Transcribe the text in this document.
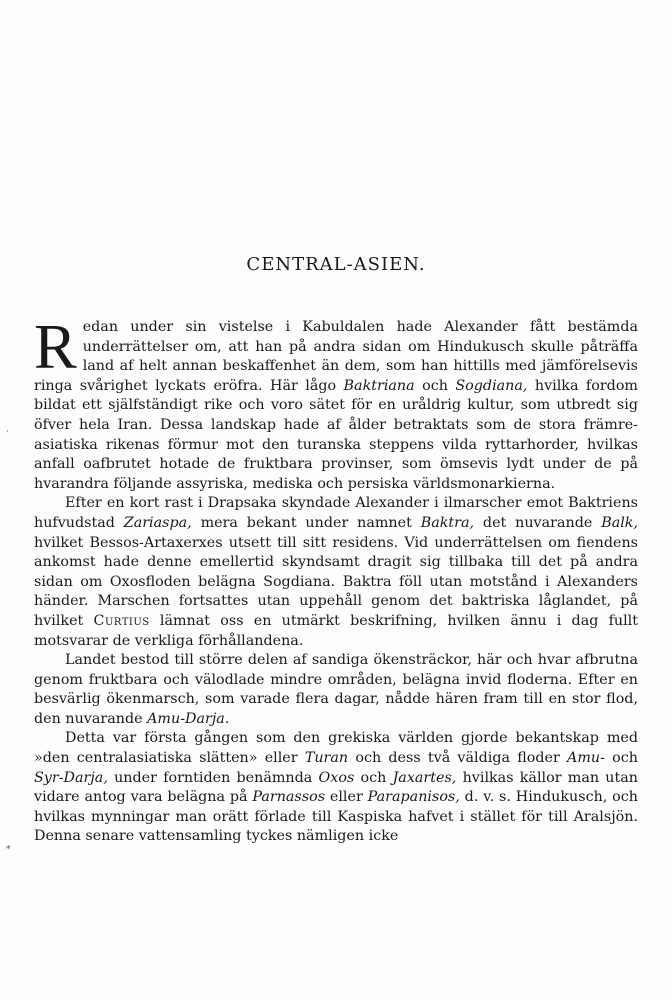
CENTRAL-ASIEN.

Redan under sin vistelse i Kabuldalen hade Alexander fått bestämda underrättelser om, att han på andra sidan om Hindukusch skulle påträffa land af helt annan beskaffenhet än dem, som han hittills med jämförelsevis ringa svårighet lyckats eröfra. Här lågo Baktriana och Sogdiana, hvilka fordom bildat ett själfständigt rike och voro sätet för en uråldrig kultur, som utbredt sig öfver hela Iran. Dessa landskap hade af ålder betraktats som de stora främre-asiatiska rikenas förmur mot den turanska steppens vilda ryttarhorder, hvilkas anfall oafbrutet hotade de fruktbara provinser, som ömsevis lydt under de på hvarandra följande assyriska, mediska och persiska världsmonarkierna.

Efter en kort rast i Drapsaka skyndade Alexander i ilmarscher emot Baktriens hufvudstad Zariaspa, mera bekant under namnet Baktra, det nuvarande Balk, hvilket Bessos-Artaxerxes utsett till sitt residens. Vid underrättelsen om fiendens ankomst hade denne emellertid skyndsamt dragit sig tillbaka till det på andra sidan om Oxosfloden belägna Sogdiana. Baktra föll utan motstånd i Alexanders händer. Marschen fortsattes utan uppehåll genom det baktriska låglandet, på hvilket Curtius lämnat oss en utmärkt beskrifning, hvilken ännu i dag fullt motsvarar de verkliga förhållandena.

Landet bestod till större delen af sandiga ökensträckor, här och hvar afbrutna genom fruktbara och välodlade mindre områden, belägna invid floderna. Efter en besvärlig ökenmarsch, som varade flera dagar, nådde hären fram till en stor flod, den nuvarande Amu-Darja.

Detta var första gången som den grekiska världen gjorde bekantskap med »den centralasiatiska slätten» eller Turan och dess två väldiga floder Amu- och Syr-Darja, under forntiden benämnda Oxos och Jaxartes, hvilkas källor man utan vidare antog vara belägna på Parnassos eller Parapanisos, d. v. s. Hindukusch, och hvilkas mynningar man orätt förlade till Kaspiska hafvet i stället för till Aralsjön. Denna senare vattensamling tyckes nämligen icke

·
*
